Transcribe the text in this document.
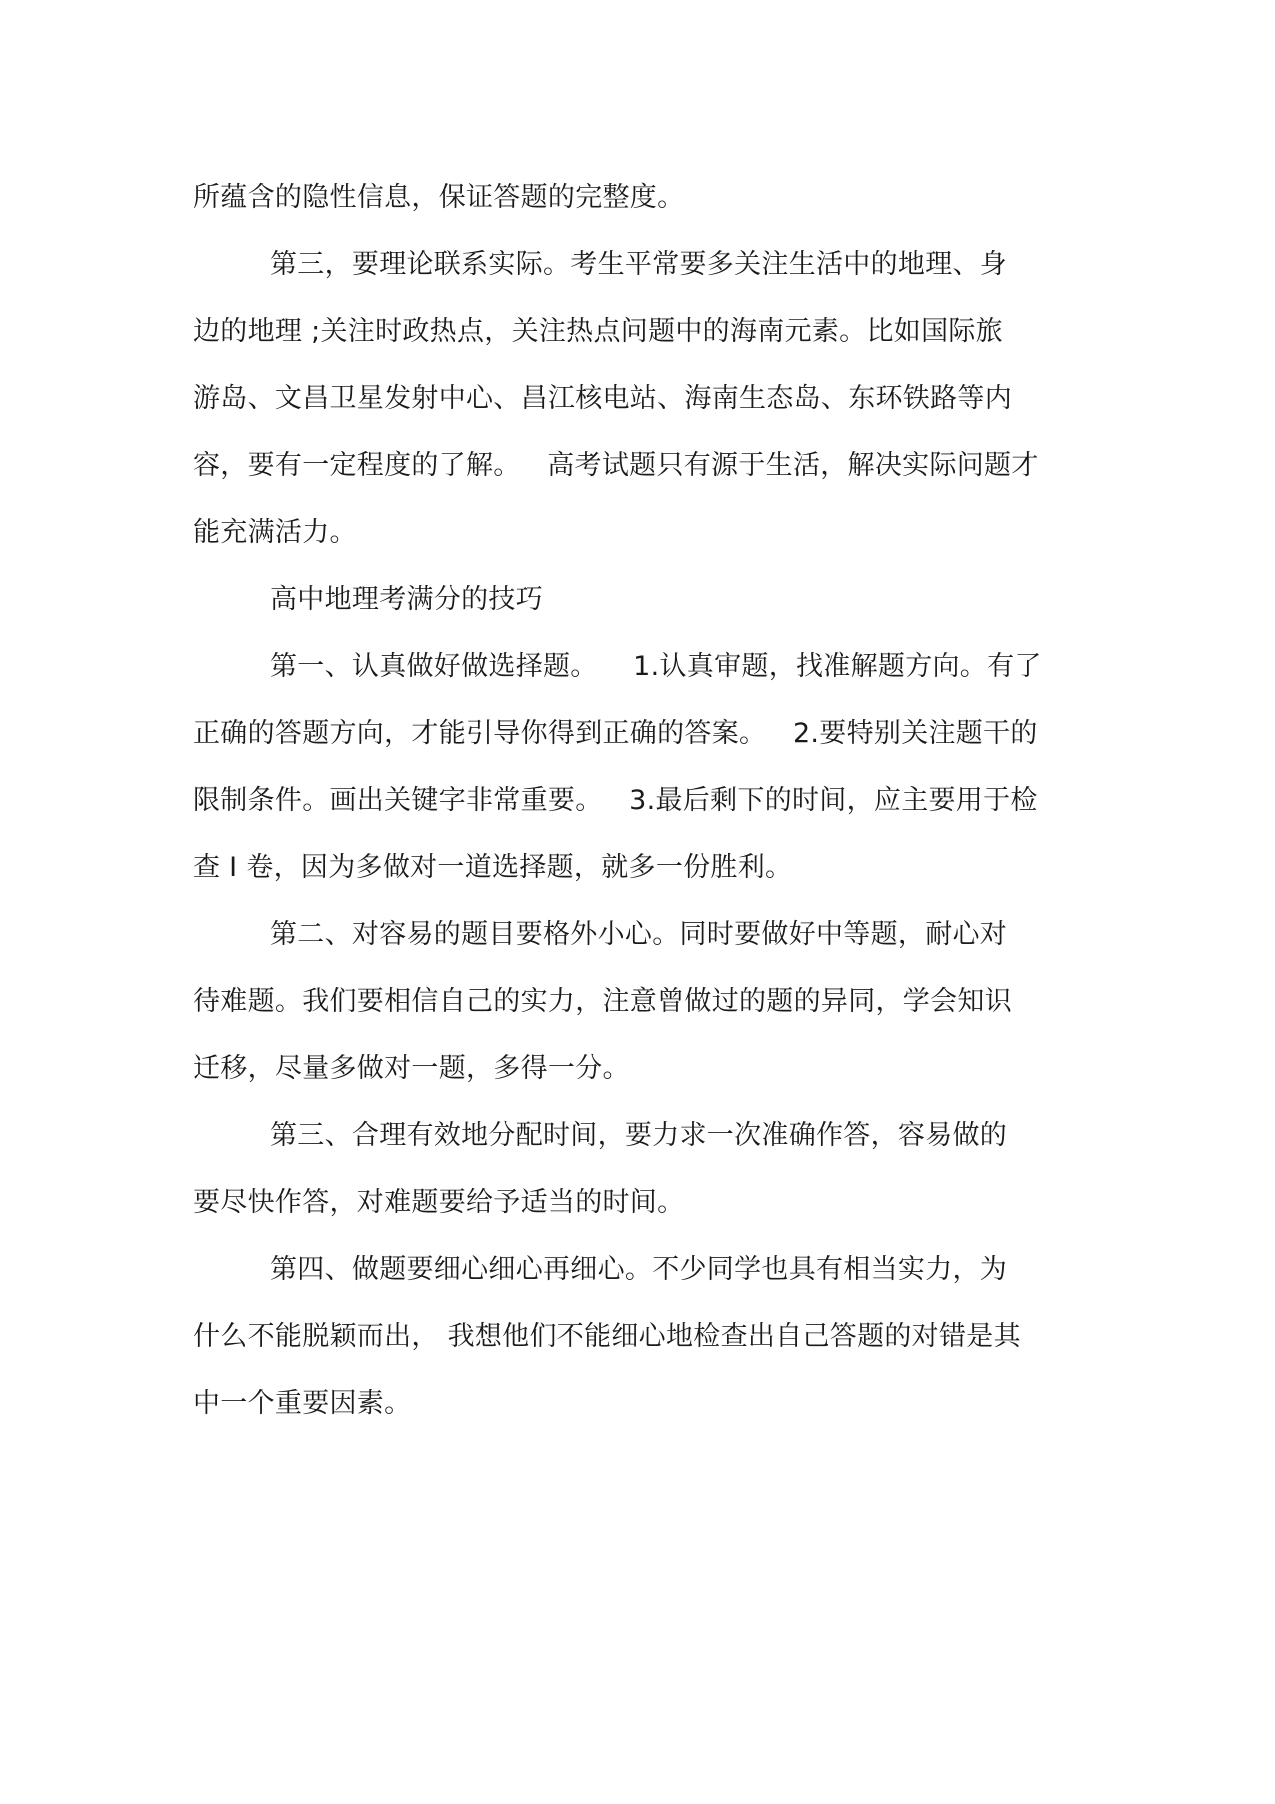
所蕴含的隐性信息，保证答题的完整度。
第三，要理论联系实际。考生平常要多关注生活中的地理、身
边的地理 ;关注时政热点，关注热点问题中的海南元素。比如国际旅
游岛、文昌卫星发射中心、昌江核电站、海南生态岛、东环铁路等内
容，要有一定程度的了解。   高考试题只有源于生活，解决实际问题才
能充满活力。
高中地理考满分的技巧
第一、认真做好做选择题。    1.认真审题，找准解题方向。有了
正确的答题方向，才能引导你得到正确的答案。   2.要特别关注题干的
限制条件。画出关键字非常重要。   3.最后剩下的时间，应主要用于检
查 I 卷，因为多做对一道选择题，就多一份胜利。
第二、对容易的题目要格外小心。同时要做好中等题，耐心对
待难题。我们要相信自己的实力，注意曾做过的题的异同，学会知识
迁移，尽量多做对一题，多得一分。
第三、合理有效地分配时间，要力求一次准确作答，容易做的
要尽快作答，对难题要给予适当的时间。
第四、做题要细心细心再细心。不少同学也具有相当实力，为
什么不能脱颖而出， 我想他们不能细心地检查出自己答题的对错是其
中一个重要因素。
